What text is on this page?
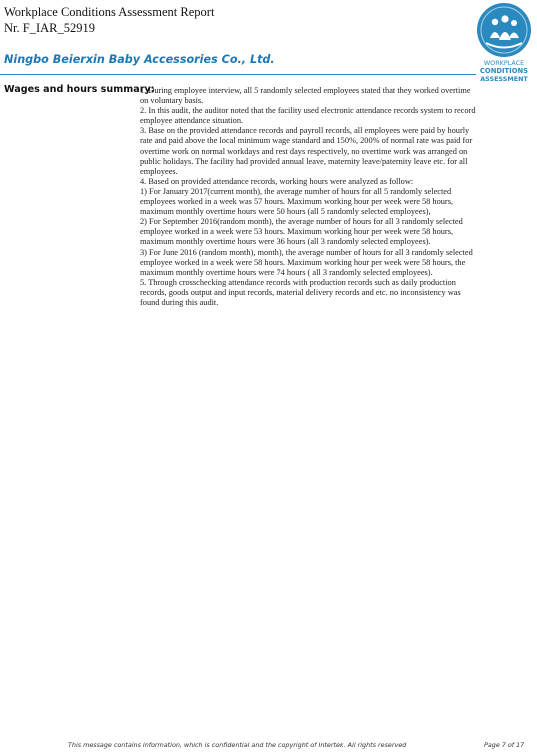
Workplace Conditions Assessment Report
Nr. F_IAR_52919
Ningbo Beierxin Baby Accessories Co., Ltd.	WORKPLACE
CONDITIONS
ASSESSMENT
Wages and hours summary:

1. During employee interview, all 5 randomly selected employees stated that they worked overtime

on voluntary basis.

2. In this audit, the auditor noted that the facility used electronic attendance records system to record

employee attendance situation.

3. Base on the provided attendance records and payroll records, all employees were paid by hourly

rate and paid above the local minimum wage standard and 150%, 200% of normal rate was paid for

overtime work on normal workdays and rest days respectively, no overtime work was arranged on

public holidays. The facility had provided annual leave, maternity leave/paternity leave etc. for all

employees.

4. Based on provided attendance records, working hours were analyzed as follow:

1) For January 2017(current month), the average number of hours for all 5 randomly selected

employees worked in a week was 57 hours. Maximum working hour per week were 58 hours,

maximum monthly overtime hours were 50 hours (all 5 randomly selected employees),

2) For September 2016(random month), the average number of hours for all 3 randomly selected

employee worked in a week were 53 hours. Maximum working hour per week were 58 hours,

maximum monthly overtime hours were 36 hours (all 3 randomly selected employees).

3) For June 2016 (random month), month), the average number of hours for all 3 randomly selected

employee worked in a week were 58 hours. Maximum working hour per week were 58 hours, the

maximum monthly overtime hours were 74 hours ( all 3 randomly selected employees).

5. Through crosschecking attendance records with production records such as daily production

records, goods output and input records, material delivery records and etc. no inconsistency was

found during this audit.

This message contains information, which is confidential and the copyright of Intertek. All rights reserved	Page 7 of 17
